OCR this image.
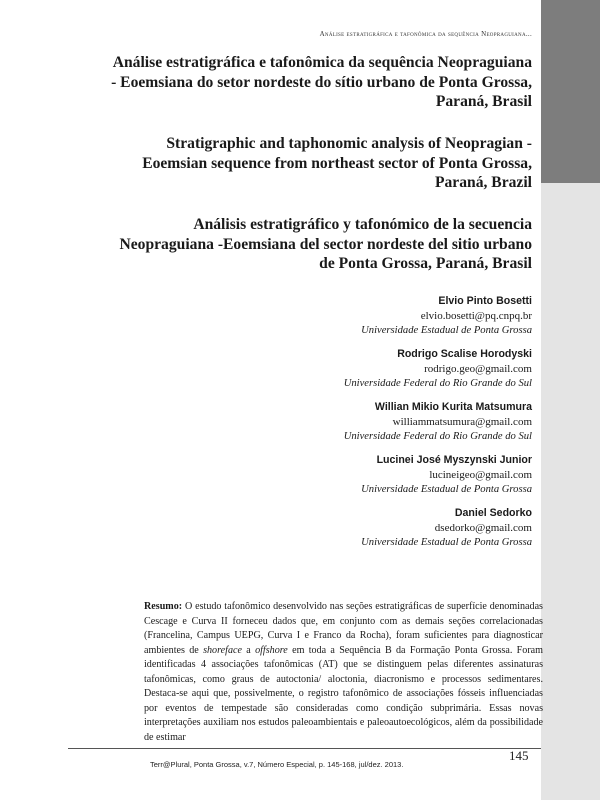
Análise estratigráfica e tafonômica da sequência Neopraguiana...
Análise estratigráfica e tafonômica da sequência Neopraguiana
- Eoemsiana do setor nordeste do sítio urbano de Ponta Grossa,
Paraná, Brasil
Stratigraphic and taphonomic analysis of Neopragian -
Eoemsian sequence from northeast sector of Ponta Grossa,
Paraná, Brazil
Análisis estratigráfico y tafonómico de la secuencia
Neopraguiana -Eoemsiana del sector nordeste del sitio urbano
de Ponta Grossa, Paraná, Brasil
Elvio Pinto Bosetti
elvio.bosetti@pq.cnpq.br
Universidade Estadual de Ponta Grossa
Rodrigo Scalise Horodyski
rodrigo.geo@gmail.com
Universidade Federal do Rio Grande do Sul
Willian Mikio Kurita Matsumura
williammatsumura@gmail.com
Universidade Federal do Rio Grande do Sul
Lucinei José Myszynski Junior
lucineigeo@gmail.com
Universidade Estadual de Ponta Grossa
Daniel Sedorko
dsedorko@gmail.com
Universidade Estadual de Ponta Grossa

Resumo: O estudo tafonômico desenvolvido nas seções estratigráficas de superfície denominadas Cescage e Curva II forneceu dados que, em conjunto com as demais seções correlacionadas (Francelina, Campus UEPG, Curva I e Franco da Rocha), foram suficientes para diagnosticar ambientes de shoreface a offshore em toda a Sequência B da Formação Ponta Grossa. Foram identificadas 4 associações tafonômicas (AT) que se distinguem pelas diferentes assinaturas tafonômicas, como graus de autoctonia/ aloctonia, diacronismo e processos sedimentares. Destaca-se aqui que, possivelmente, o registro tafonômico de associações fósseis influenciadas por eventos de tempestade são consideradas como condição subprimária. Essas novas interpretações auxiliam nos estudos paleoambientais e paleoautoecológicos, além da possibilidade de estimar

Terr@Plural, Ponta Grossa, v.7, Número Especial, p. 145-168, jul/dez. 2013.
145
